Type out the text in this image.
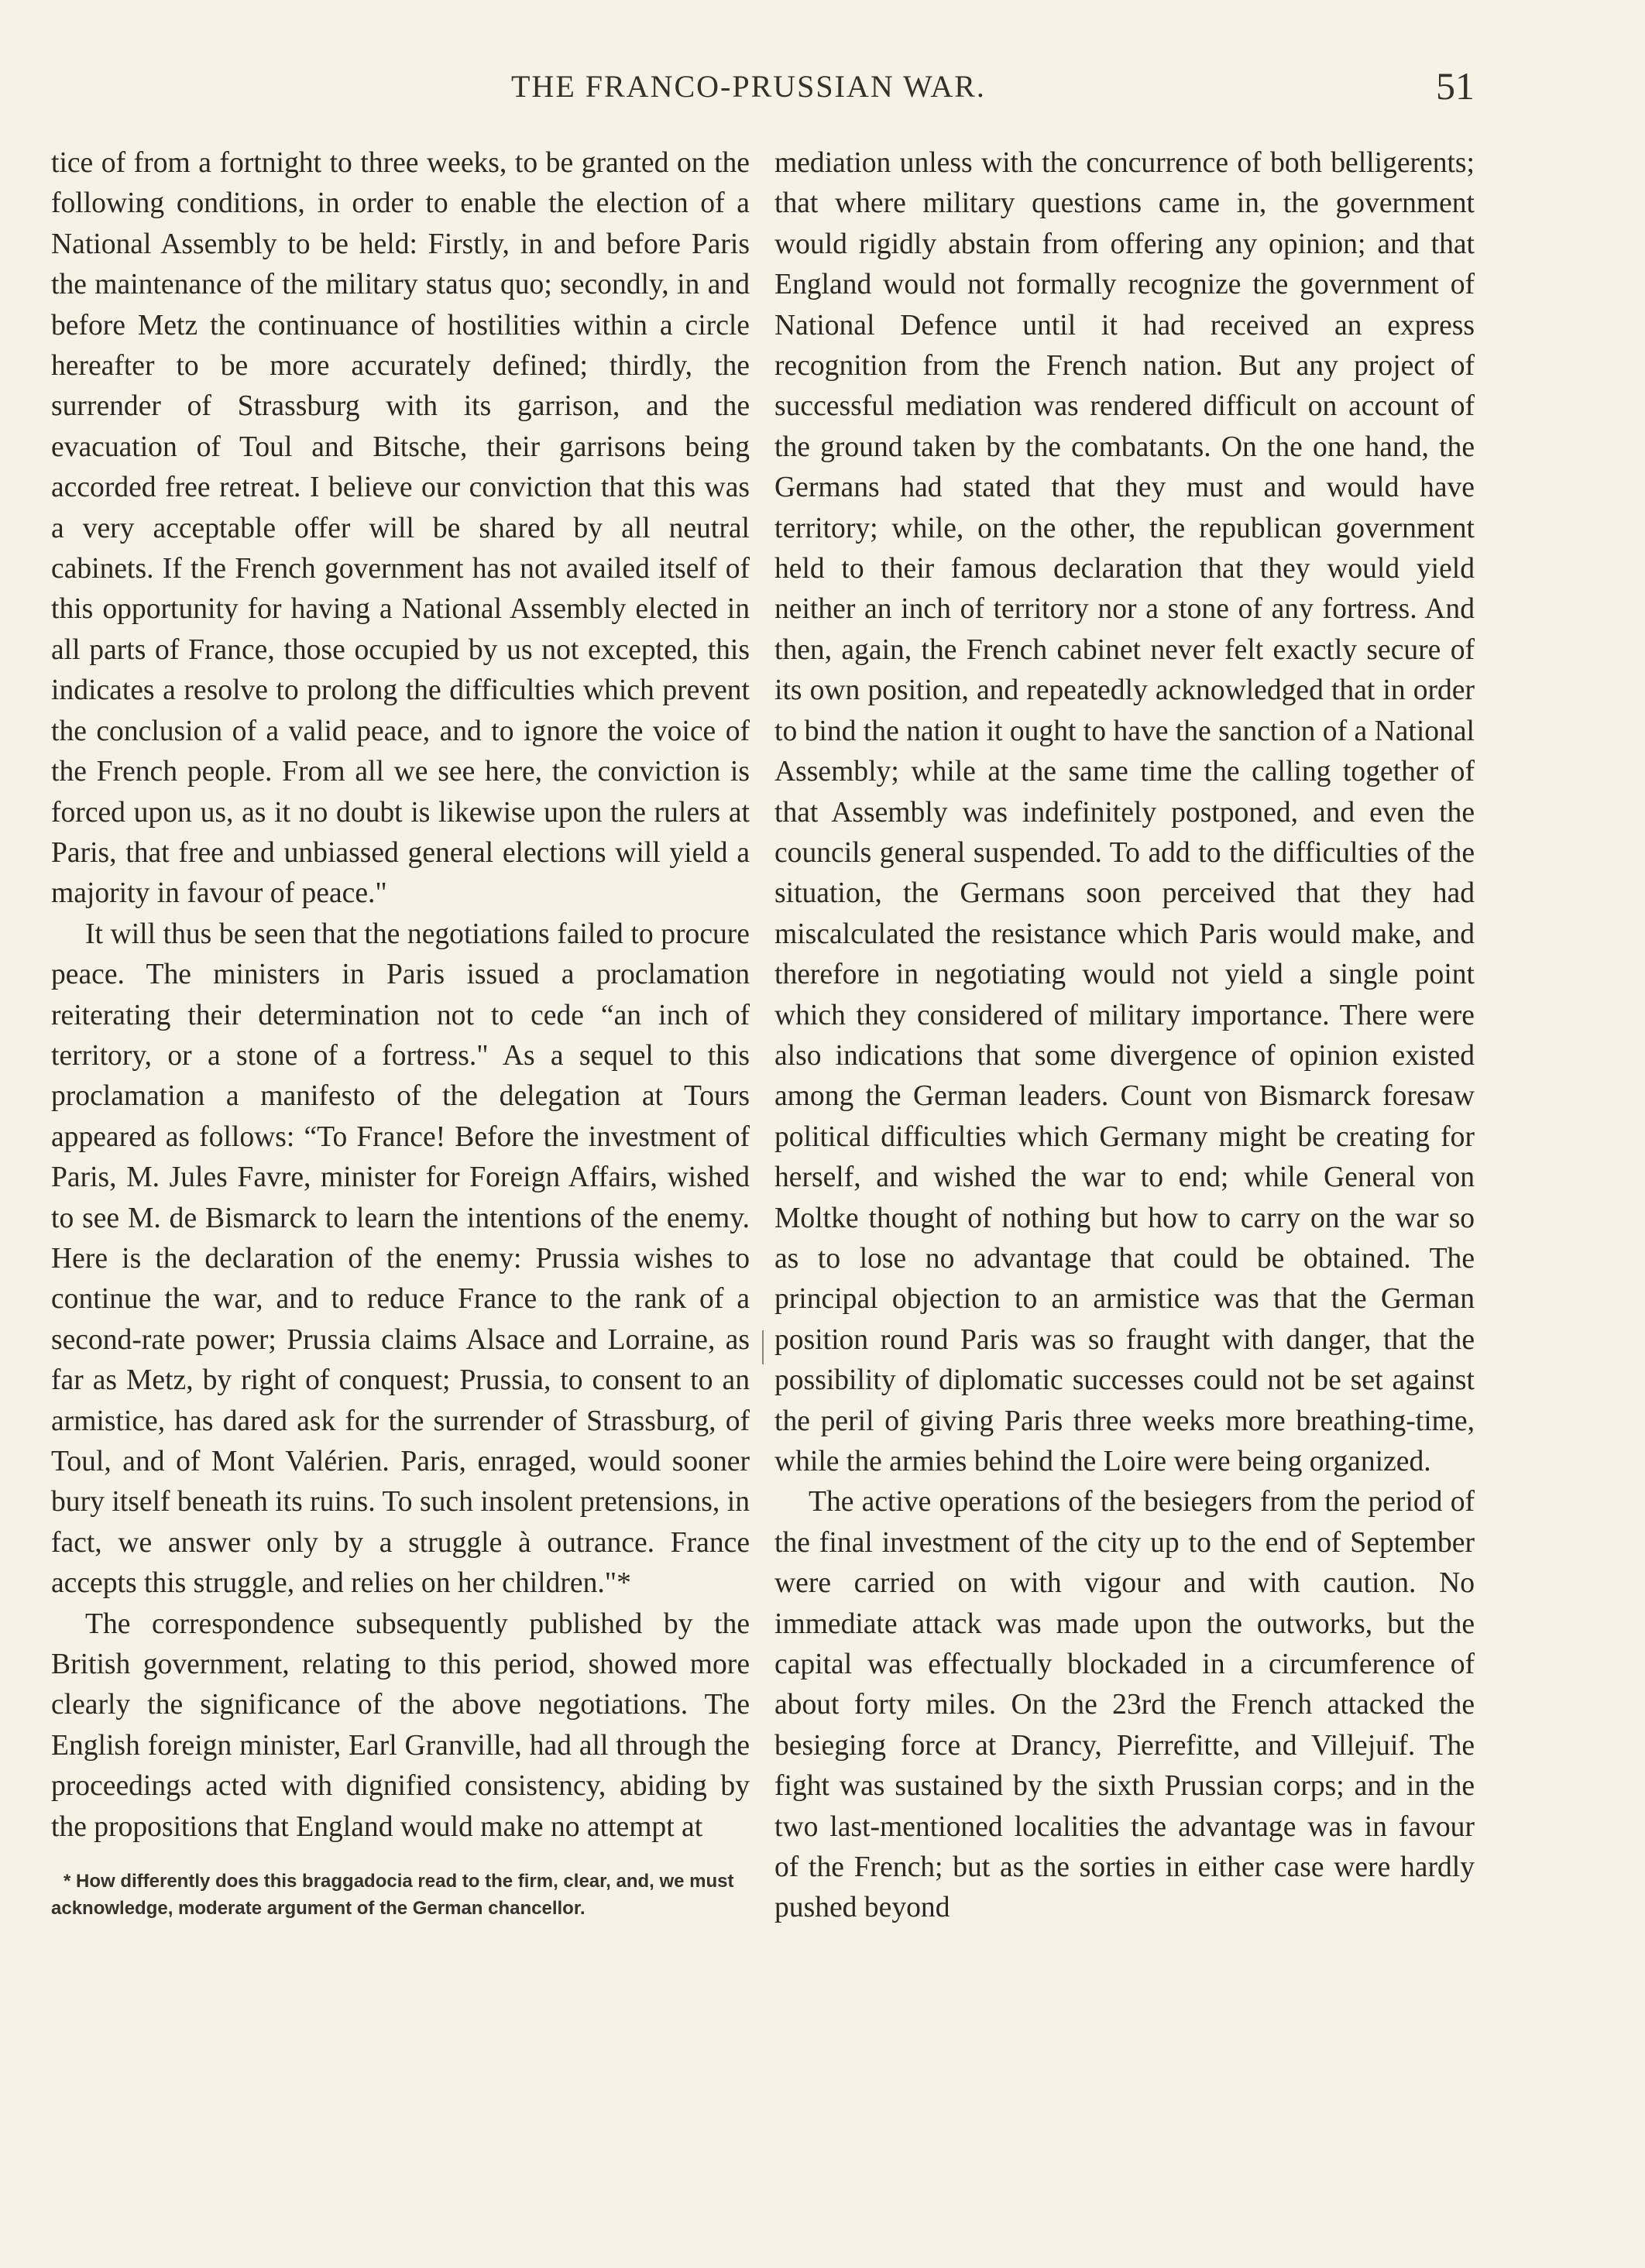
THE FRANCO-PRUSSIAN WAR.	51

tice of from a fortnight to three weeks, to be granted on the following conditions, in order to enable the election of a National Assembly to be held: Firstly, in and before Paris the maintenance of the military status quo; secondly, in and before Metz the continuance of hostilities within a circle hereafter to be more accurately defined; thirdly, the surrender of Strassburg with its garrison, and the evacuation of Toul and Bitsche, their garrisons being accorded free retreat. I believe our conviction that this was a very acceptable offer will be shared by all neutral cabinets. If the French government has not availed itself of this opportunity for having a National Assembly elected in all parts of France, those occupied by us not excepted, this indicates a resolve to prolong the difficulties which prevent the conclusion of a valid peace, and to ignore the voice of the French people. From all we see here, the conviction is forced upon us, as it no doubt is likewise upon the rulers at Paris, that free and unbiassed general elections will yield a majority in favour of peace."

It will thus be seen that the negotiations failed to procure peace. The ministers in Paris issued a proclamation reiterating their determination not to cede “an inch of territory, or a stone of a fortress." As a sequel to this proclamation a manifesto of the delegation at Tours appeared as follows: “To France! Before the investment of Paris, M. Jules Favre, minister for Foreign Affairs, wished to see M. de Bismarck to learn the intentions of the enemy. Here is the declaration of the enemy: Prussia wishes to continue the war, and to reduce France to the rank of a second-rate power; Prussia claims Alsace and Lorraine, as far as Metz, by right of conquest; Prussia, to consent to an armistice, has dared ask for the surrender of Strassburg, of Toul, and of Mont Valérien. Paris, enraged, would sooner bury itself beneath its ruins. To such insolent pretensions, in fact, we answer only by a struggle à outrance. France accepts this struggle, and relies on her children."*

The correspondence subsequently published by the British government, relating to this period, showed more clearly the significance of the above negotiations. The English foreign minister, Earl Granville, had all through the proceedings acted with dignified consistency, abiding by the propositions that England would make no attempt at

* How differently does this braggadocia read to the firm, clear, and, we must acknowledge, moderate argument of the German chancellor.

mediation unless with the concurrence of both belligerents; that where military questions came in, the government would rigidly abstain from offering any opinion; and that England would not formally recognize the government of National Defence until it had received an express recognition from the French nation. But any project of successful mediation was rendered difficult on account of the ground taken by the combatants. On the one hand, the Germans had stated that they must and would have territory; while, on the other, the republican government held to their famous declaration that they would yield neither an inch of territory nor a stone of any fortress. And then, again, the French cabinet never felt exactly secure of its own position, and repeatedly acknowledged that in order to bind the nation it ought to have the sanction of a National Assembly; while at the same time the calling together of that Assembly was indefinitely postponed, and even the councils general suspended. To add to the difficulties of the situation, the Germans soon perceived that they had miscalculated the resistance which Paris would make, and therefore in negotiating would not yield a single point which they considered of military importance. There were also indications that some divergence of opinion existed among the German leaders. Count von Bismarck foresaw political difficulties which Germany might be creating for herself, and wished the war to end; while General von Moltke thought of nothing but how to carry on the war so as to lose no advantage that could be obtained. The principal objection to an armistice was that the German position round Paris was so fraught with danger, that the possibility of diplomatic successes could not be set against the peril of giving Paris three weeks more breathing-time, while the armies behind the Loire were being organized.

The active operations of the besiegers from the period of the final investment of the city up to the end of September were carried on with vigour and with caution. No immediate attack was made upon the outworks, but the capital was effectually blockaded in a circumference of about forty miles. On the 23rd the French attacked the besieging force at Drancy, Pierrefitte, and Villejuif. The fight was sustained by the sixth Prussian corps; and in the two last-mentioned localities the advantage was in favour of the French; but as the sorties in either case were hardly pushed beyond
